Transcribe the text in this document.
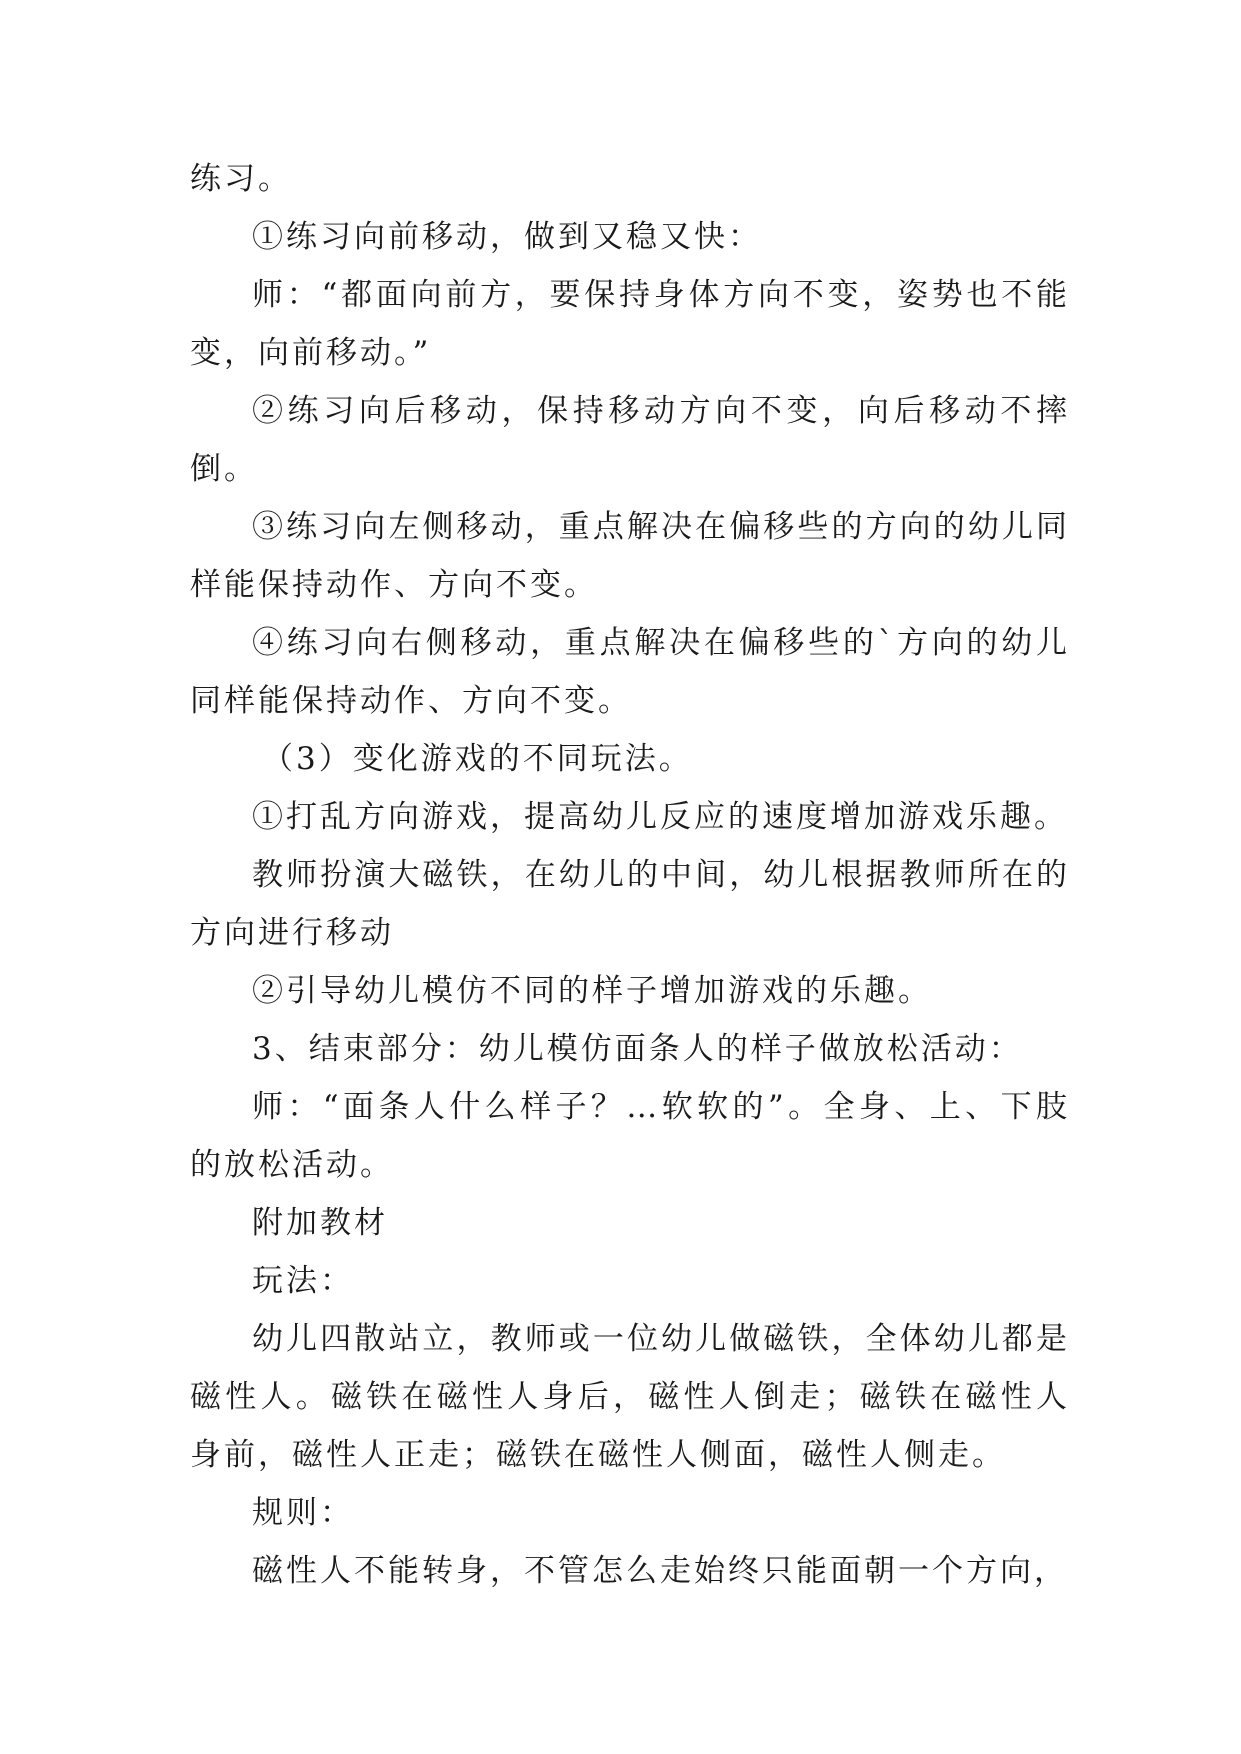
练习。

①练习向前移动，做到又稳又快：

师：“都面向前方，要保持身体方向不变，姿势也不能变，向前移动。”

②练习向后移动，保持移动方向不变，向后移动不摔倒。

③练习向左侧移动，重点解决在偏移些的方向的幼儿同样能保持动作、方向不变。

④练习向右侧移动，重点解决在偏移些的`方向的幼儿同样能保持动作、方向不变。

（3）变化游戏的不同玩法。

①打乱方向游戏，提高幼儿反应的速度增加游戏乐趣。

教师扮演大磁铁，在幼儿的中间，幼儿根据教师所在的方向进行移动

②引导幼儿模仿不同的样子增加游戏的乐趣。

3、结束部分：幼儿模仿面条人的样子做放松活动：

师：“面条人什么样子？…软软的”。全身、上、下肢的放松活动。

附加教材

玩法：

幼儿四散站立，教师或一位幼儿做磁铁，全体幼儿都是磁性人。磁铁在磁性人身后，磁性人倒走；磁铁在磁性人身前，磁性人正走；磁铁在磁性人侧面，磁性人侧走。

规则：

磁性人不能转身，不管怎么走始终只能面朝一个方向，
